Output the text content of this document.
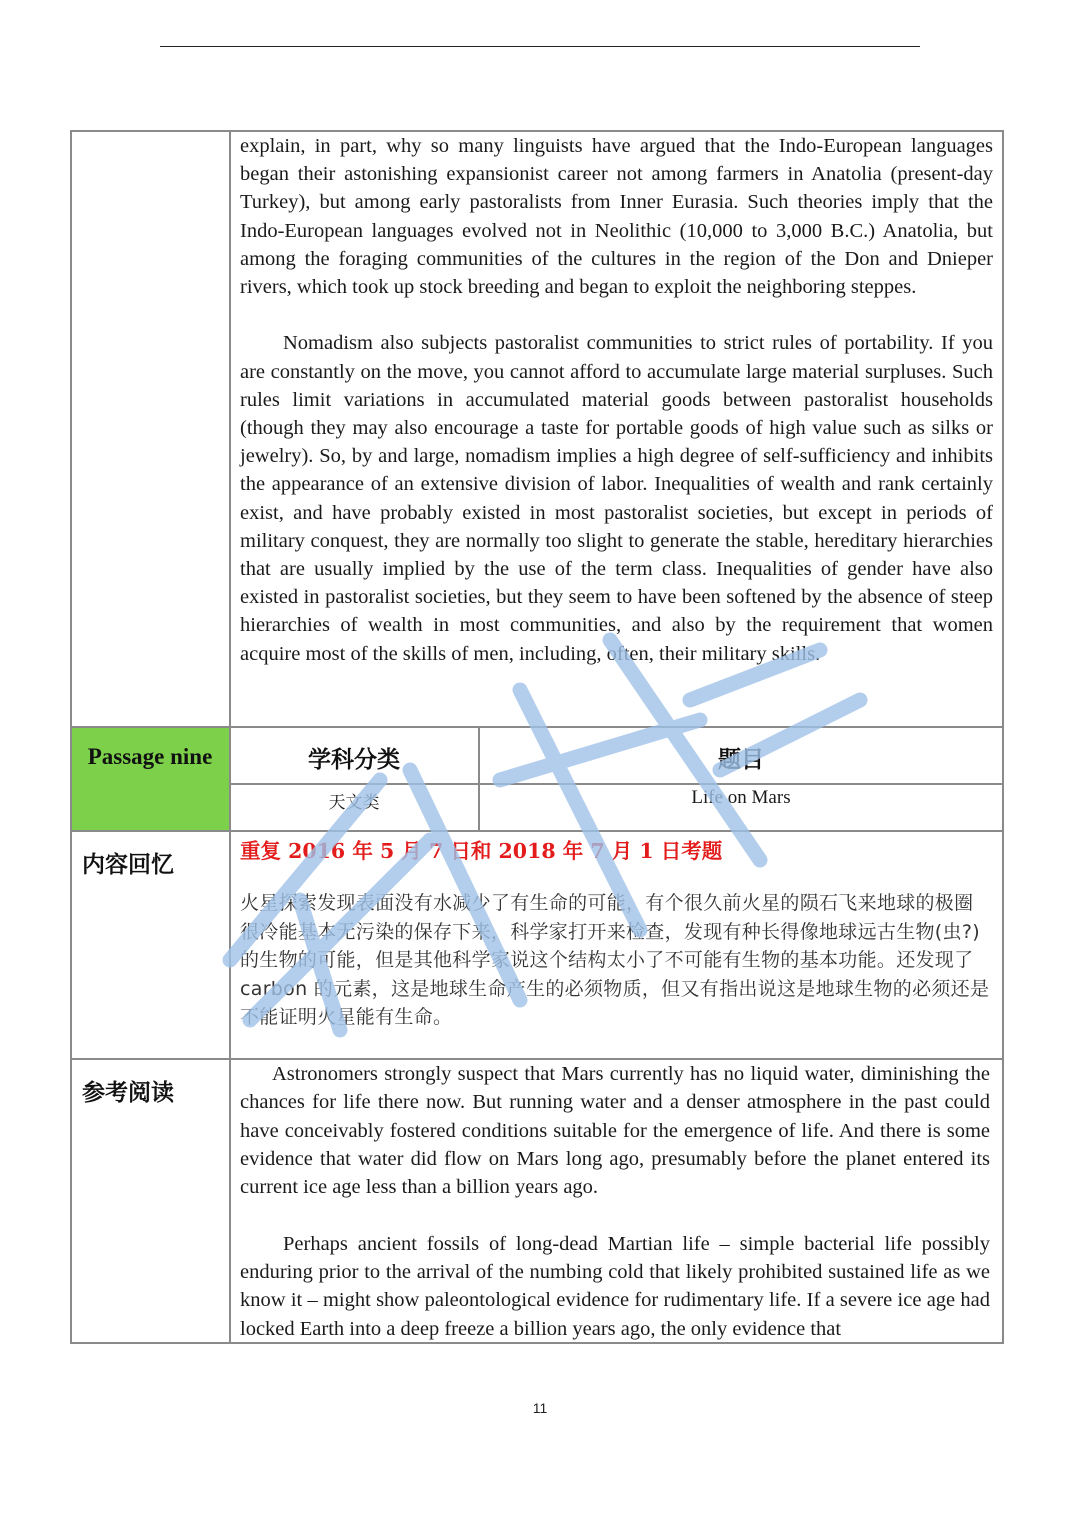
explain, in part, why so many linguists have argued that the Indo-European languages began their astonishing expansionist career not among farmers in Anatolia (present-day Turkey), but among early pastoralists from Inner Eurasia. Such theories imply that the Indo-European languages evolved not in Neolithic (10,000 to 3,000 B.C.) Anatolia, but among the foraging communities of the cultures in the region of the Don and Dnieper rivers, which took up stock breeding and began to exploit the neighboring steppes.

Nomadism also subjects pastoralist communities to strict rules of portability. If you are constantly on the move, you cannot afford to accumulate large material surpluses. Such rules limit variations in accumulated material goods between pastoralist households (though they may also encourage a taste for portable goods of high value such as silks or jewelry). So, by and large, nomadism implies a high degree of self-sufficiency and inhibits the appearance of an extensive division of labor. Inequalities of wealth and rank certainly exist, and have probably existed in most pastoralist societies, but except in periods of military conquest, they are normally too slight to generate the stable, hereditary hierarchies that are usually implied by the use of the term class. Inequalities of gender have also existed in pastoralist societies, but they seem to have been softened by the absence of steep hierarchies of wealth in most communities, and also by the requirement that women acquire most of the skills of men, including, often, their military skills.

Passage nine	学科分类	题目
天文类	Life on Mars
内容回忆
重复 2016 年 5 月 7 日和 2018 年 7 月 1 日考题
火星探索发现表面没有水减少了有生命的可能，有个很久前火星的陨石飞来地球的极圈很冷能基本无污染的保存下来，科学家打开来检查，发现有种长得像地球远古生物(虫?)的生物的可能，但是其他科学家说这个结构太小了不可能有生物的基本功能。还发现了 carbon 的元素，这是地球生命产生的必须物质，但又有指出说这是地球生物的必须还是不能证明火星能有生命。
参考阅读

Astronomers strongly suspect that Mars currently has no liquid water, diminishing the chances for life there now. But running water and a denser atmosphere in the past could have conceivably fostered conditions suitable for the emergence of life. And there is some evidence that water did flow on Mars long ago, presumably before the planet entered its current ice age less than a billion years ago.

Perhaps ancient fossils of long-dead Martian life – simple bacterial life possibly enduring prior to the arrival of the numbing cold that likely prohibited sustained life as we know it – might show paleontological evidence for rudimentary life. If a severe ice age had locked Earth into a deep freeze a billion years ago, the only evidence that

11
